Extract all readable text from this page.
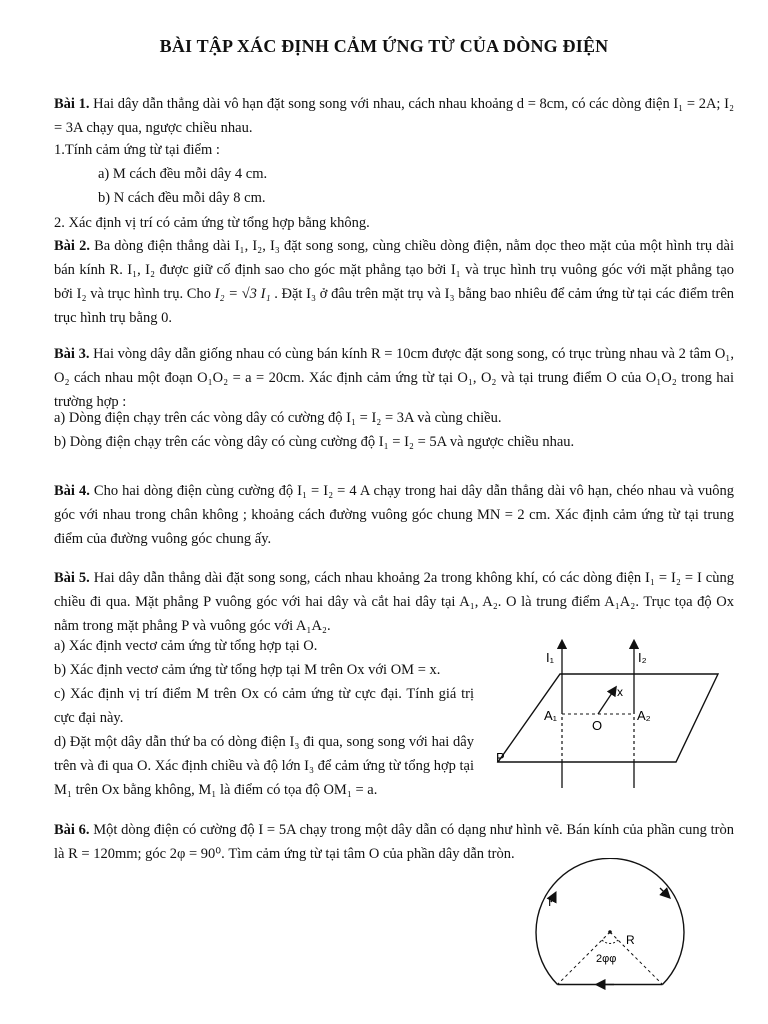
BÀI TẬP XÁC ĐỊNH CẢM ỨNG TỪ CỦA DÒNG ĐIỆN
Bài 1. Hai dây dẫn thẳng dài vô hạn đặt song song với nhau, cách nhau khoảng d = 8cm, có các dòng điện I₁ = 2A; I₂ = 3A chạy qua, ngược chiều nhau.
1.Tính cảm ứng từ tại điểm :
a) M cách đều mỗi dây 4 cm.
b) N cách đều mỗi dây 8 cm.
2. Xác định vị trí có cảm ứng từ tổng hợp bằng không.
Bài 2. Ba dòng điện thẳng dài I₁, I₂, I₃ đặt song song, cùng chiều dòng điện, nằm dọc theo mặt của một hình trụ dài bán kính R. I₁, I₂ được giữ cố định sao cho góc mặt phẳng tạo bởi I₁ và trục hình trụ vuông góc với mặt phẳng tạo bởi I₂ và trục hình trụ. Cho I₂ = √3 I₁ . Đặt I₃ ở đâu trên mặt trụ và I₃ bằng bao nhiêu để cảm ứng từ tại các điểm trên trục hình trụ bằng 0.
Bài 3. Hai vòng dây dẫn giống nhau có cùng bán kính R = 10cm được đặt song song, có trục trùng nhau và 2 tâm O₁, O₂ cách nhau một đoạn O₁O₂ = a = 20cm. Xác định cảm ứng từ tại O₁, O₂ và tại trung điểm O của O₁O₂ trong hai trường hợp :
a) Dòng điện chạy trên các vòng dây có cường độ I₁ = I₂ = 3A và cùng chiều.
b) Dòng điện chạy trên các vòng dây có cùng cường độ I₁ = I₂ = 5A và ngược chiều nhau.
Bài 4. Cho hai dòng điện cùng cường độ I₁ = I₂ = 4 A chạy trong hai dây dẫn thẳng dài vô hạn, chéo nhau và vuông góc với nhau trong chân không ; khoảng cách đường vuông góc chung MN = 2 cm. Xác định cảm ứng từ tại trung điểm của đường vuông góc chung ấy.
Bài 5. Hai dây dẫn thẳng dài đặt song song, cách nhau khoảng 2a trong không khí, có các dòng điện I₁ = I₂ = I cùng chiều đi qua. Mặt phẳng P vuông góc với hai dây và cắt hai dây tại A₁, A₂. O là trung điểm A₁A₂. Trục tọa độ Ox nằm trong mặt phẳng P và vuông góc với A₁A₂.
a) Xác định vectơ cảm ứng từ tổng hợp tại O.
b) Xác định vectơ cảm ứng từ tổng hợp tại M trên Ox với OM = x.
c) Xác định vị trí điểm M trên Ox có cảm ứng từ cực đại. Tính giá trị cực đại này.
d) Đặt một dây dẫn thứ ba có dòng điện I₃ đi qua, song song với hai dây trên và đi qua O. Xác định chiều và độ lớn I₃ để cảm ứng từ tổng hợp tại M₁ trên Ox bằng không, M₁ là điểm có tọa độ OM₁ = a.
I₁	I₂
A₁	A₂
O
x
P
Bài 6. Một dòng điện có cường độ I = 5A chạy trong một dây dẫn có dạng như hình vẽ. Bán kính của phần cung tròn là R = 120mm; góc 2φ = 90⁰. Tìm cảm ứng từ tại tâm O của phần dây dẫn tròn.
I
R
2φφ
